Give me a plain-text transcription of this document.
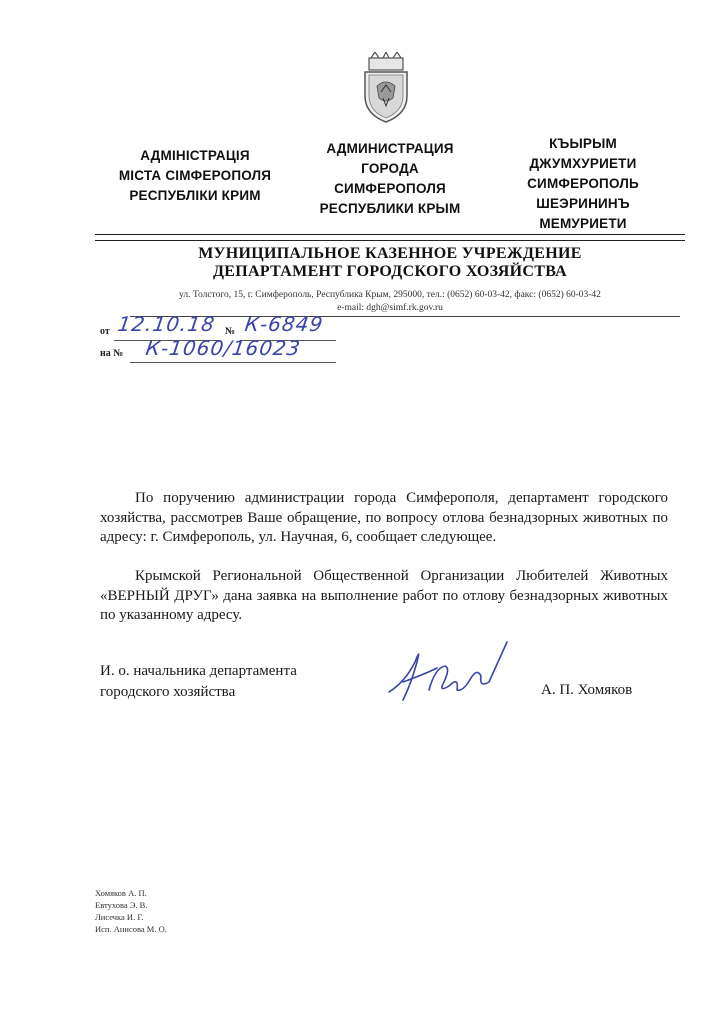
АДМІНІСТРАЦІЯ
МІСТА СІМФЕРОПОЛЯ
РЕСПУБЛІКИ КРИМ
АДМИНИСТРАЦИЯ
ГОРОДА
СИМФЕРОПОЛЯ
РЕСПУБЛИКИ КРЫМ
КЪЫРЫМ
ДЖУМХУРИЕТИ
СИМФЕРОПОЛЬ
ШЕЭРИНИНЪ
МЕМУРИЕТИ
МУНИЦИПАЛЬНОЕ КАЗЕННОЕ УЧРЕЖДЕНИЕ
ДЕПАРТАМЕНТ ГОРОДСКОГО ХОЗЯЙСТВА
ул. Толстого, 15, г. Симферополь, Республика Крым, 295000, тел.: (0652) 60-03-42, факс: (0652) 60-03-42
e-mail: dgh@simf.rk.gov.ru
от 12.10.18 № К-6849
на № К-1060/16023
По поручению администрации города Симферополя, департамент городского хозяйства, рассмотрев Ваше обращение, по вопросу отлова безнадзорных животных по адресу: г. Симферополь, ул. Научная, 6, сообщает следующее.
Крымской Региональной Общественной Организации Любителей Животных «ВЕРНЫЙ ДРУГ» дана заявка на выполнение работ по отлову безнадзорных животных по указанному адресу.
И. о. начальника департамента
городского хозяйства	А. П. Хомяков
Хомяков А. П.
Евтухова Э. В.
Лисечка И. Г.
Исп. Анисова М. О.
